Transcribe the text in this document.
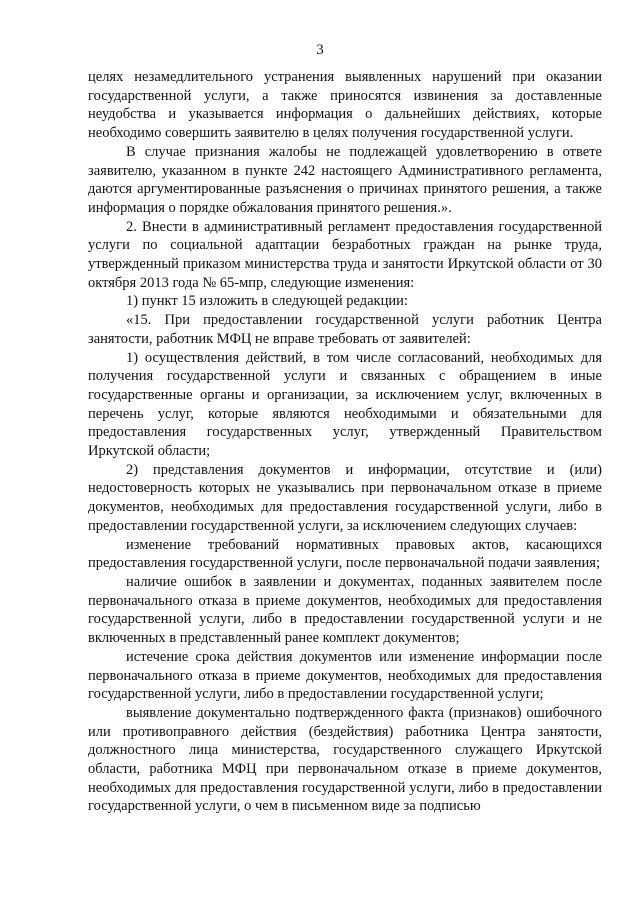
3

целях незамедлительного устранения выявленных нарушений при оказании государственной услуги, а также приносятся извинения за доставленные неудобства и указывается информация о дальнейших действиях, которые необходимо совершить заявителю в целях получения государственной услуги.

В случае признания жалобы не подлежащей удовлетворению в ответе заявителю, указанном в пункте 242 настоящего Административного регламента, даются аргументированные разъяснения о причинах принятого решения, а также информация о порядке обжалования принятого решения.».

2. Внести в административный регламент предоставления государственной услуги по социальной адаптации безработных граждан на рынке труда, утвержденный приказом министерства труда и занятости Иркутской области от 30 октября 2013 года № 65-мпр, следующие изменения:

1) пункт 15 изложить в следующей редакции:

«15. При предоставлении государственной услуги работник Центра занятости, работник МФЦ не вправе требовать от заявителей:

1) осуществления действий, в том числе согласований, необходимых для получения государственной услуги и связанных с обращением в иные государственные органы и организации, за исключением услуг, включенных в перечень услуг, которые являются необходимыми и обязательными для предоставления государственных услуг, утвержденный Правительством Иркутской области;

2) представления документов и информации, отсутствие и (или) недостоверность которых не указывались при первоначальном отказе в приеме документов, необходимых для предоставления государственной услуги, либо в предоставлении государственной услуги, за исключением следующих случаев:

изменение требований нормативных правовых актов, касающихся предоставления государственной услуги, после первоначальной подачи заявления;

наличие ошибок в заявлении и документах, поданных заявителем после первоначального отказа в приеме документов, необходимых для предоставления государственной услуги, либо в предоставлении государственной услуги и не включенных в представленный ранее комплект документов;

истечение срока действия документов или изменение информации после первоначального отказа в приеме документов, необходимых для предоставления государственной услуги, либо в предоставлении государственной услуги;

выявление документально подтвержденного факта (признаков) ошибочного или противоправного действия (бездействия) работника Центра занятости, должностного лица министерства, государственного служащего Иркутской области, работника МФЦ при первоначальном отказе в приеме документов, необходимых для предоставления государственной услуги, либо в предоставлении государственной услуги, о чем в письменном виде за подписью
